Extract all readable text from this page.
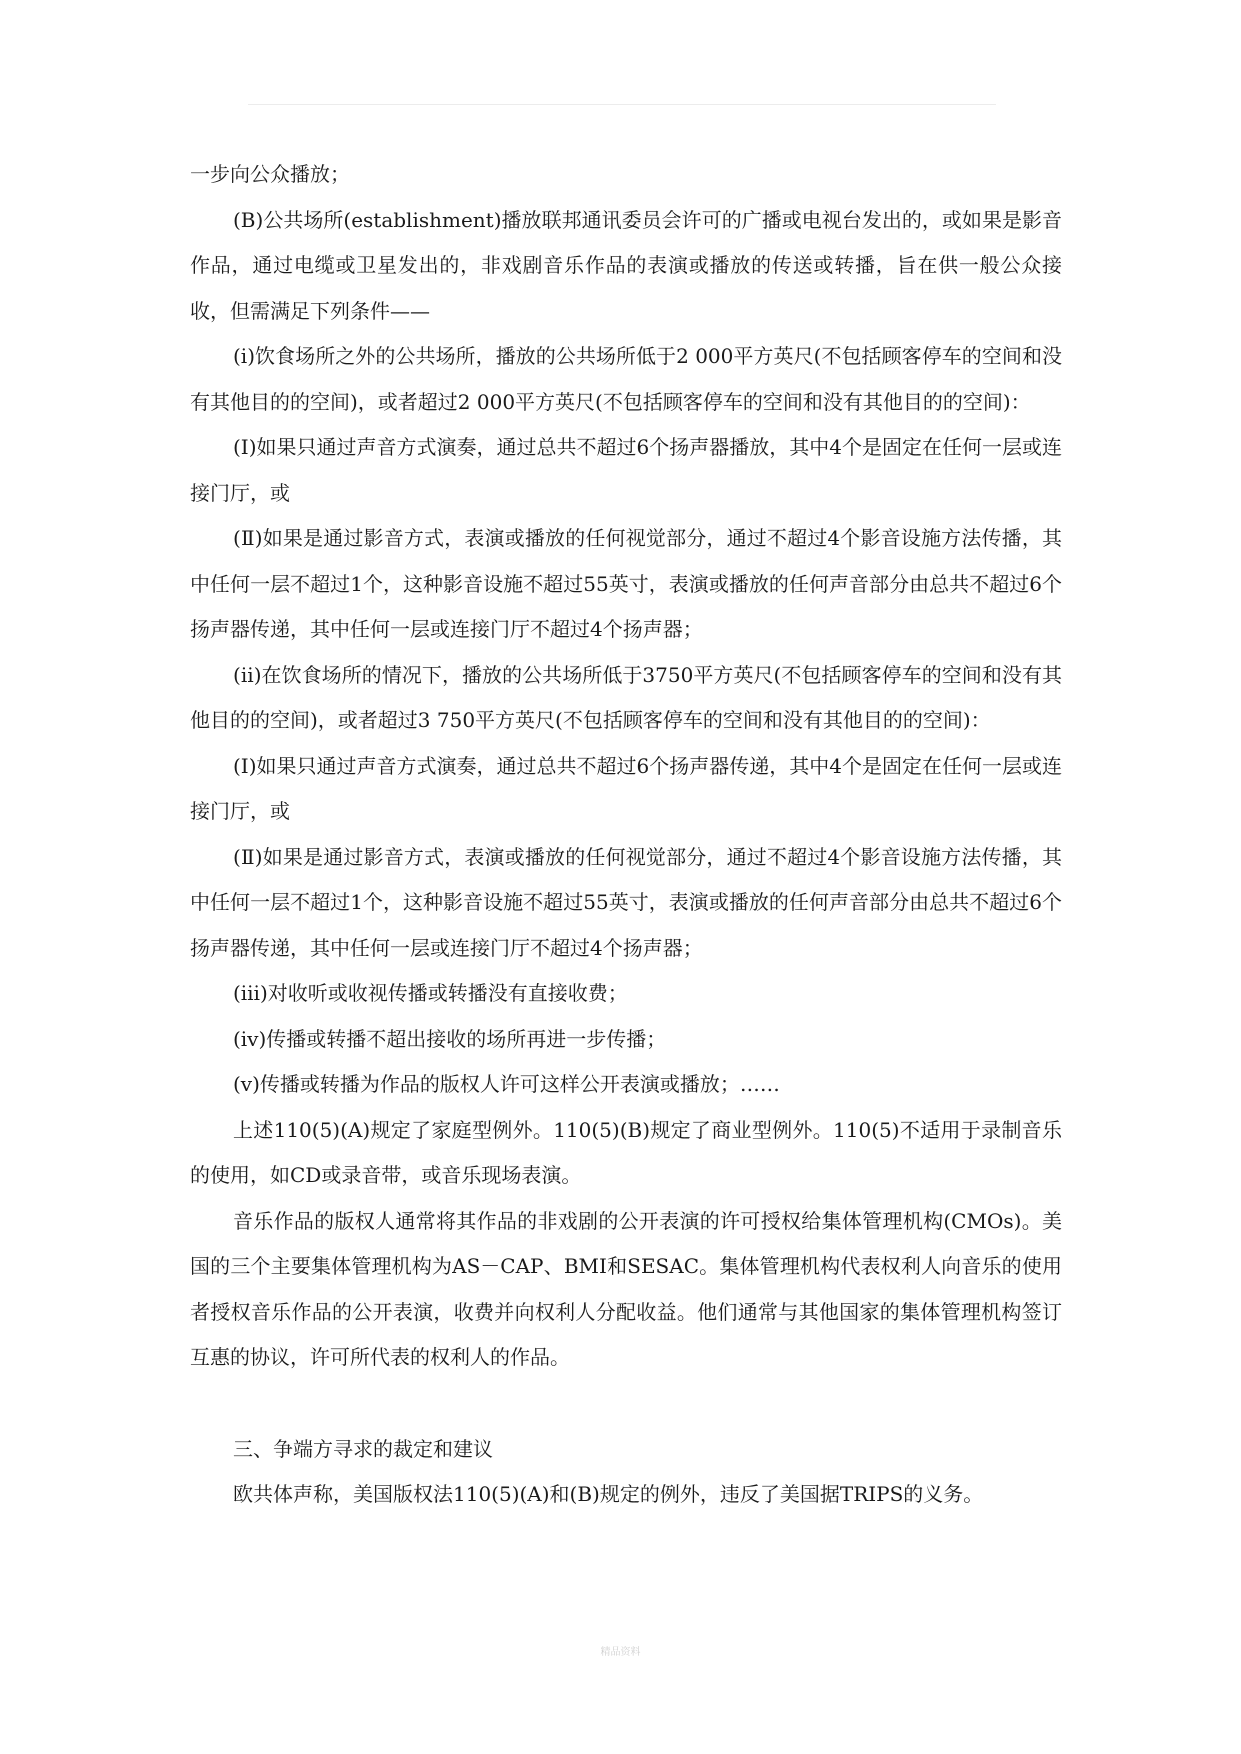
一步向公众播放；

(B)公共场所(establishment)播放联邦通讯委员会许可的广播或电视台发出的，或如果是影音作品，通过电缆或卫星发出的，非戏剧音乐作品的表演或播放的传送或转播，旨在供一般公众接收，但需满足下列条件——

(i)饮食场所之外的公共场所，播放的公共场所低于2 000平方英尺(不包括顾客停车的空间和没有其他目的的空间)，或者超过2 000平方英尺(不包括顾客停车的空间和没有其他目的的空间)：

(I)如果只通过声音方式演奏，通过总共不超过6个扬声器播放，其中4个是固定在任何一层或连接门厅，或

(Ⅱ)如果是通过影音方式，表演或播放的任何视觉部分，通过不超过4个影音设施方法传播，其中任何一层不超过1个，这种影音设施不超过55英寸，表演或播放的任何声音部分由总共不超过6个扬声器传递，其中任何一层或连接门厅不超过4个扬声器；

(ⅱ)在饮食场所的情况下，播放的公共场所低于3750平方英尺(不包括顾客停车的空间和没有其他目的的空间)，或者超过3 750平方英尺(不包括顾客停车的空间和没有其他目的的空间)：

(I)如果只通过声音方式演奏，通过总共不超过6个扬声器传递，其中4个是固定在任何一层或连接门厅，或

(Ⅱ)如果是通过影音方式，表演或播放的任何视觉部分，通过不超过4个影音设施方法传播，其中任何一层不超过1个，这种影音设施不超过55英寸，表演或播放的任何声音部分由总共不超过6个扬声器传递，其中任何一层或连接门厅不超过4个扬声器；

(ⅲ)对收听或收视传播或转播没有直接收费；

(ⅳ)传播或转播不超出接收的场所再进一步传播；

(v)传播或转播为作品的版权人许可这样公开表演或播放；……

上述110(5)(A)规定了家庭型例外。110(5)(B)规定了商业型例外。110(5)不适用于录制音乐的使用，如CD或录音带，或音乐现场表演。

音乐作品的版权人通常将其作品的非戏剧的公开表演的许可授权给集体管理机构(CMOs)。美国的三个主要集体管理机构为AS－CAP、BMI和SESAC。集体管理机构代表权利人向音乐的使用者授权音乐作品的公开表演，收费并向权利人分配收益。他们通常与其他国家的集体管理机构签订互惠的协议，许可所代表的权利人的作品。

三、争端方寻求的裁定和建议

欧共体声称，美国版权法110(5)(A)和(B)规定的例外，违反了美国据TRIPS的义务。

精品资料
